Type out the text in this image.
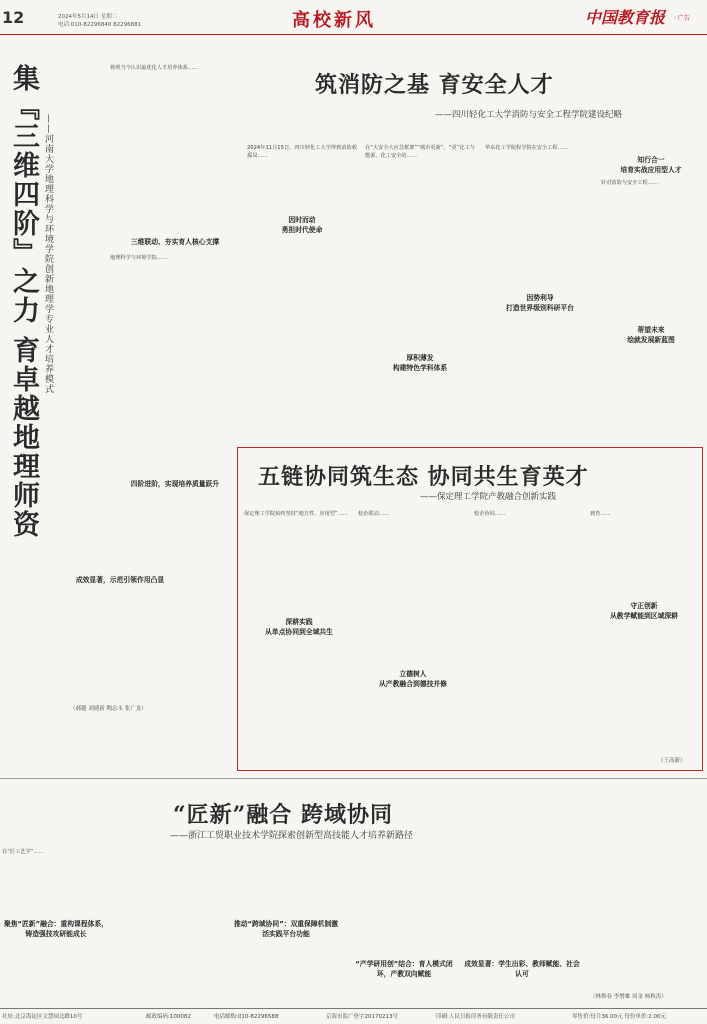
12	2024年5月14日 星期二
电话:010-82296840 82296881	高校新风	中国教育报 · 广告
集『三维四阶』之力 育卓越地理师资 ——河南大学地理科学与环境学院创新地理学专业人才培养模式
将现当今认识最优化人才培养体系……
三维联动、夯实育人核心支撑
地理科学与环境学院……
四阶进阶，实现培养质量跃升
成效显著，示范引领作用凸显
（郝越 刘捷新 陶志永 张广龙）
筑消防之基 育安全人才
——四川轻化工大学消防与安全工程学院建设纪略
2024年11月15日，四川轻化工大学得到消防救援局……
因时而动
勇担时代使命
在“大安全大应急框架”“城市更新”、“更”化工与能源、化工安全的……
因势利导
打造世界级别科研平台
华东化工学院程学院在安全工程……
知行合一
培育实战应用型人才
针对消防与安全工程……
厚积薄发
构建特色学科体系
蒂望未来
绘就发展新蓝图
五链协同筑生态 协同共生育英才
——保定理工学院产教融合创新实践
保定理工学院始终坚持“地方性、应用型”……
深耕实践
从单点协同到全域共生
校企联动……
立德树人
从产教融合到德技并修
校企协同……	到育……
守正创新
从教学赋能到区域深耕
（王高新）
“匠新”融合 跨域协同
——浙江工贸职业技术学院探索创新型高技能人才培养新路径
在“匠工艺学”……
聚焦“匠新”融合：重构课程体系，铸造强技攻研能成长
推动“跨域协同”：双重保障机制激活实践平台功能
“产学研用创”结合：育人模式闭环，产教双向赋能
成效显著：学生出彩、教师赋能、社会认可
（林焕春 李增雄 周金 杨秋涛）
社址:北京海淀区文慧园北路10号	邮政编码:100082	电话邮购:010-82296588	京海市监广登字20170213号	印刷:人民日报印务有限责任公司	零售价:每月36.00元 每份单价:2.00元
